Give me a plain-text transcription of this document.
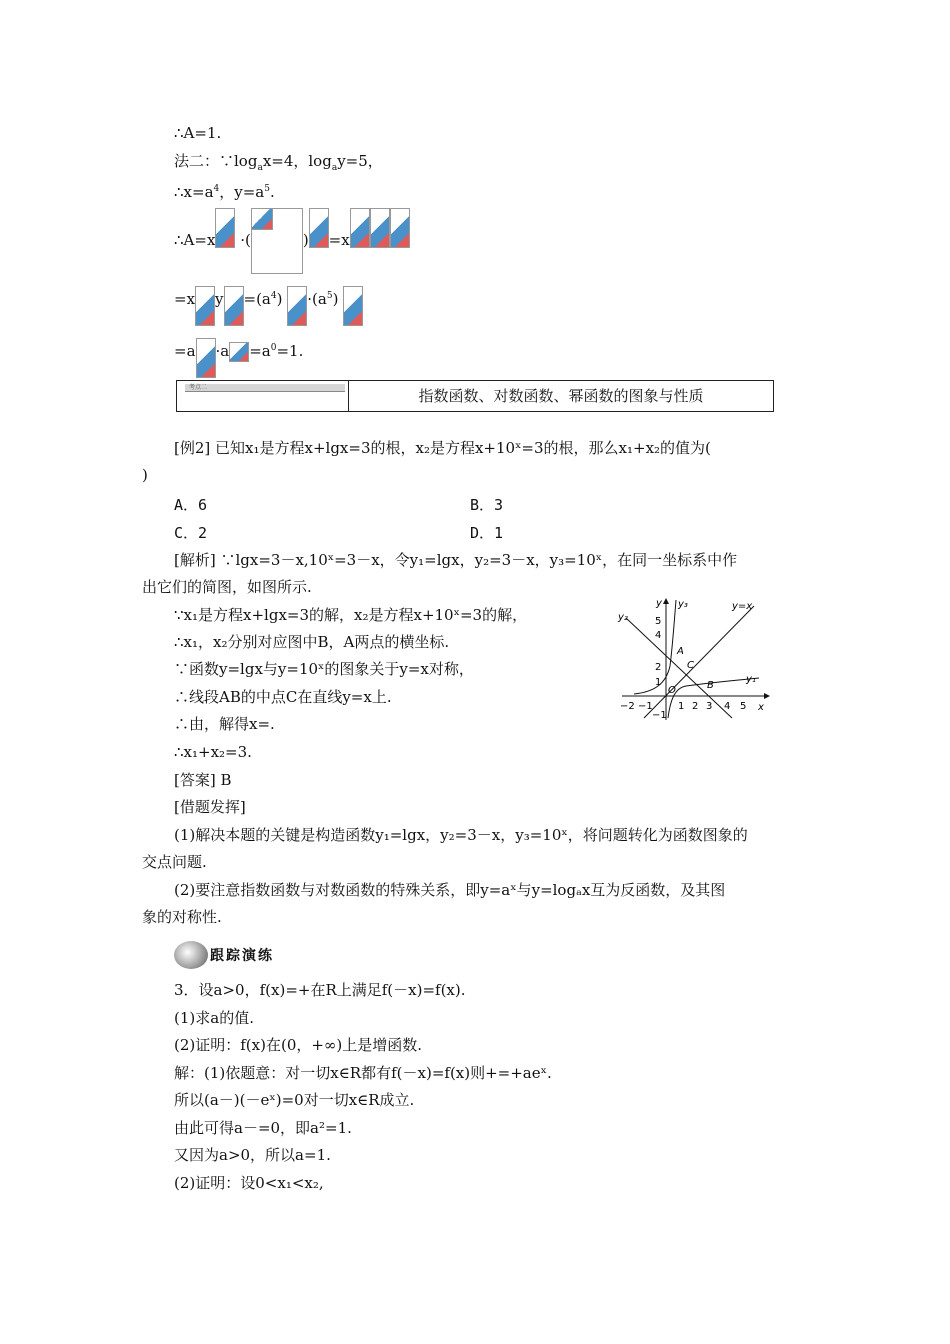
∴A=1.
法二：$\because\log_ax=4$，$\log_ay=5$，
$\therefore x=a^4$，$y=a^5$.
∴A=x ·(	) =x
=x $y =(a^4) \cdot(a^5)$
$=a \cdot a =a^0=1$.
考点二	指数函数、对数函数、幂函数的图象与性质
[例2] 已知x₁是方程x+lgx=3的根，x₂是方程x+10ˣ=3的根，那么x₁+x₂的值为(
)
A．6	B．3
C．2	D．1
[解析] ∵lgx=3－x,10ˣ=3－x，令y₁=lgx，y₂=3－x，y₃=10ˣ，在同一坐标系中作
出它们的简图，如图所示.
∵x₁是方程x+lgx=3的解，x₂是方程x+10ˣ=3的解，
∴x₁，x₂分别对应图中B，A两点的横坐标.
∵函数y=lgx与y=10ˣ的图象关于y=x对称，
∴线段AB的中点C在直线y=x上.
∴由，解得x=.
∴x₁+x₂=3.
[答案] B
[借题发挥]
(1)解决本题的关键是构造函数y₁=lgx，y₂=3－x，y₃=10ˣ，将问题转化为函数图象的
交点问题.
(2)要注意指数函数与对数函数的特殊关系，即y=aˣ与y=logₐx互为反函数，及其图
象的对称性.
y
y₂
y₃	y=x
y₁
x
O
A
B
C
−2 −1	1 2 3 4 5
5
4
2
1
−1
跟踪演练
3．设a>0，f(x)=+在R上满足f(－x)=f(x).
(1)求a的值.
(2)证明：f(x)在(0，+∞)上是增函数.
解：(1)依题意：对一切x∈R都有f(－x)=f(x)则+=+aeˣ.
所以(a－)(－eˣ)=0对一切x∈R成立.
由此可得a－=0，即a²=1.
又因为a>0，所以a=1.
(2)证明：设0<x₁<x₂,
